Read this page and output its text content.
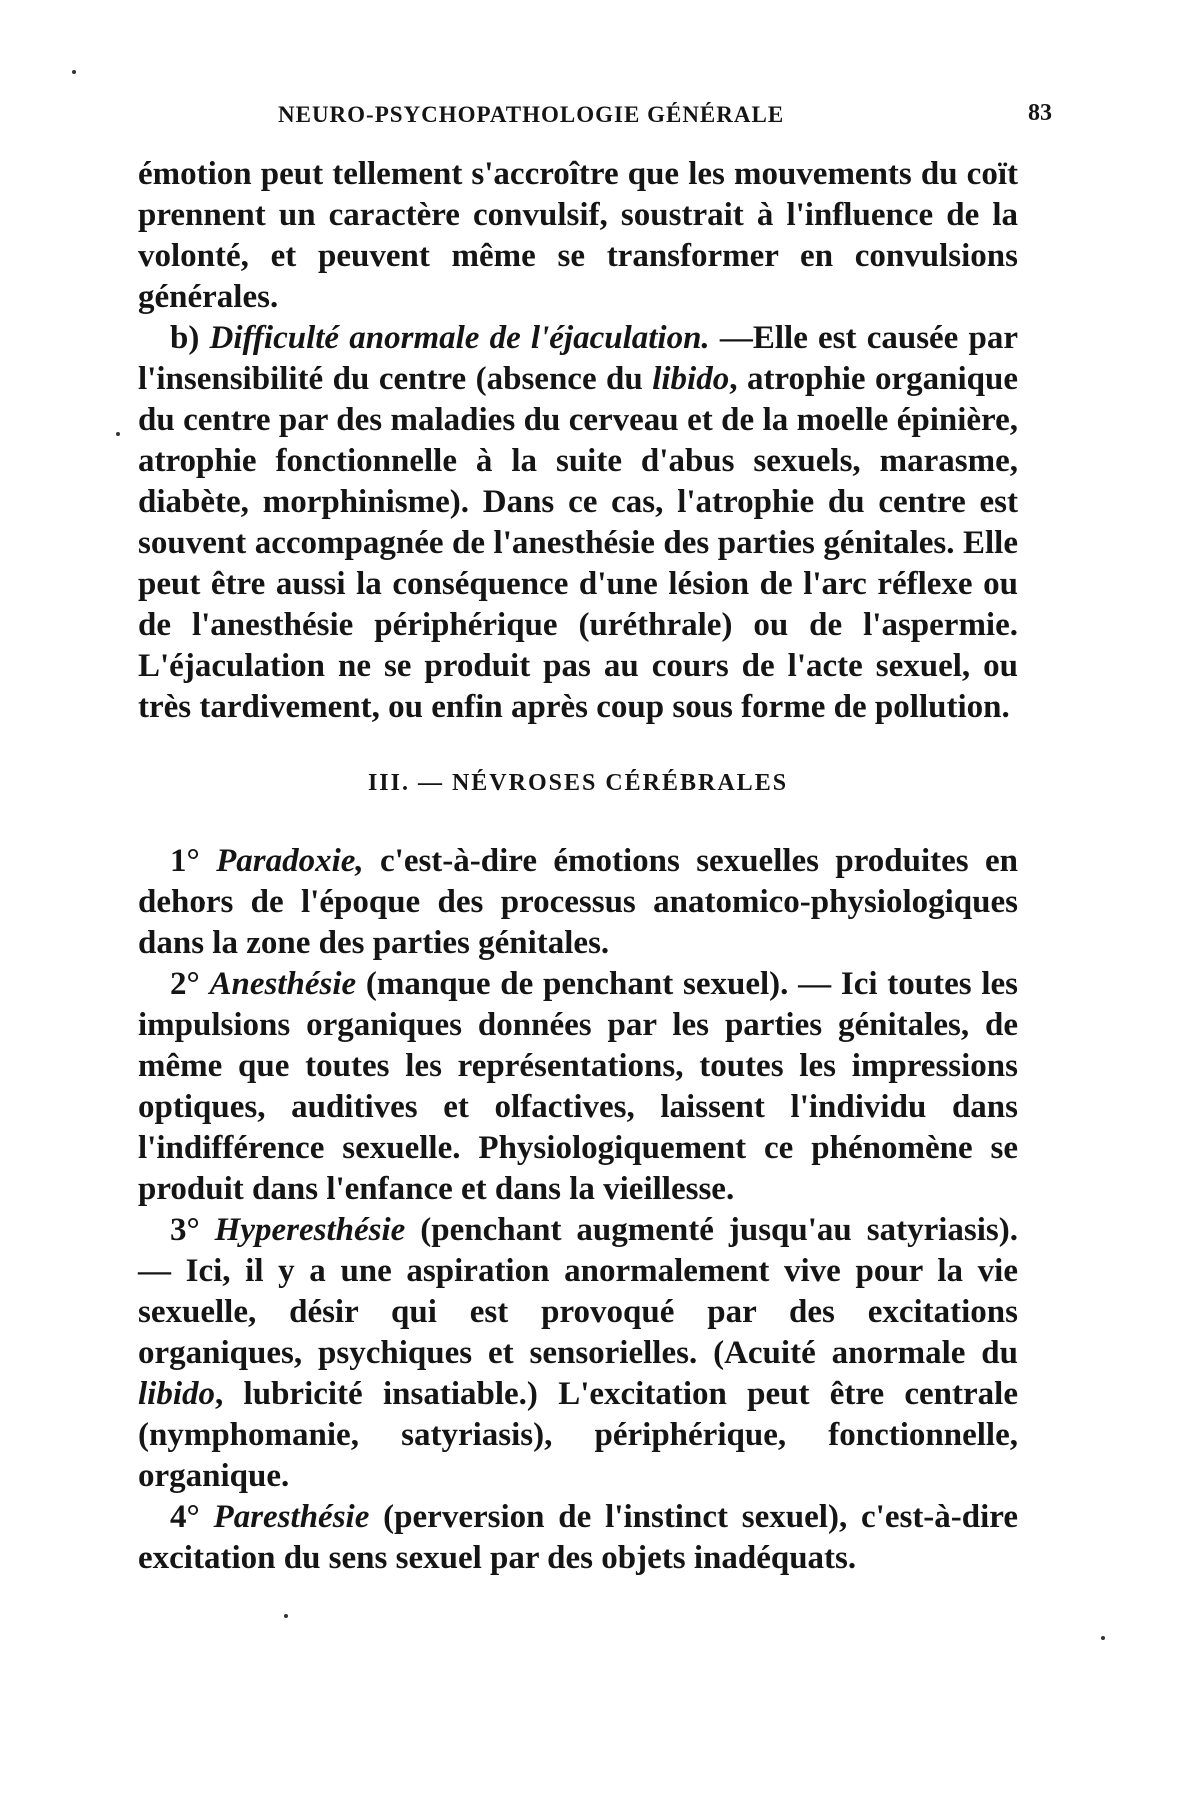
NEURO-PSYCHOPATHOLOGIE GÉNÉRALE	83

émotion peut tellement s'accroître que les mouvements du coït prennent un caractère convulsif, soustrait à l'influence de la volonté, et peuvent même se transformer en convulsions générales.

b) Difficulté anormale de l'éjaculation. —Elle est causée par l'insensibilité du centre (absence du libido, atrophie organique du centre par des maladies du cerveau et de la moelle épinière, atrophie fonctionnelle à la suite d'abus sexuels, marasme, diabète, morphinisme). Dans ce cas, l'atrophie du centre est souvent accompagnée de l'anesthésie des parties génitales. Elle peut être aussi la conséquence d'une lésion de l'arc réflexe ou de l'anesthésie périphérique (uréthrale) ou de l'aspermie. L'éjaculation ne se produit pas au cours de l'acte sexuel, ou très tardivement, ou enfin après coup sous forme de pollution.

III. — NÉVROSES CÉRÉBRALES

1° Paradoxie, c'est-à-dire émotions sexuelles produites en dehors de l'époque des processus anatomico-physiologiques dans la zone des parties génitales.

2° Anesthésie (manque de penchant sexuel). — Ici toutes les impulsions organiques données par les parties génitales, de même que toutes les représentations, toutes les impressions optiques, auditives et olfactives, laissent l'individu dans l'indifférence sexuelle. Physiologiquement ce phénomène se produit dans l'enfance et dans la vieillesse.

3° Hyperesthésie (penchant augmenté jusqu'au satyriasis). — Ici, il y a une aspiration anormalement vive pour la vie sexuelle, désir qui est provoqué par des excitations organiques, psychiques et sensorielles. (Acuité anormale du libido, lubricité insatiable.) L'excitation peut être centrale (nymphomanie, satyriasis), périphérique, fonctionnelle, organique.

4° Paresthésie (perversion de l'instinct sexuel), c'est-à-dire excitation du sens sexuel par des objets inadéquats.
